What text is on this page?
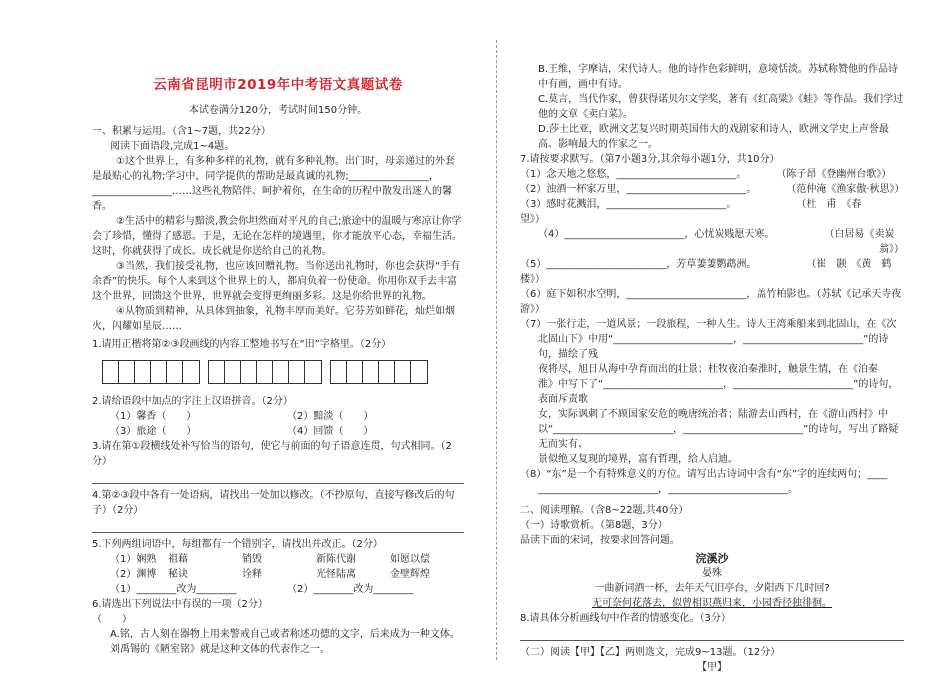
云南省昆明市2019年中考语文真题试卷

本试卷满分120分，考试时间150分钟。

一、积累与运用。（含1~7题，共22分）

阅读下面语段,完成1~4题。

①这个世界上，有多种多样的礼物，就有多种礼物。出门时，母亲递过的外套是最贴心的礼物;学习中，同学提供的帮助是最真诚的礼物;________________，________________……这些礼物陪伴、呵护着你，在生命的历程中散发出迷人的馨香。

②生活中的精彩与黯淡,教会你坦然面对平凡的自己;旅途中的温暖与寒凉让你学会了珍惜，懂得了感恩。于是，无论在怎样的境遇里，你才能放平心态，幸福生活。这时，你就获得了成长。成长就是你送给自己的礼物。

③当然，我们接受礼物，也应该回赠礼物。当你送出礼物时，你也会获得“手有余香”的快乐。每个人来到这个世界上的人，都肩负着一份使命。你用你双手去丰富这个世界，回馈这个世界，世界就会变得更绚丽多彩。这是你给世界的礼物。

④从物质到精神，从具体到抽象，礼物丰厚而美好。它芬芳如鲜花，灿烂如烟火，闪耀如星辰……

1.请用正楷将第②③段画线的内容工整地书写在“田”字格里。（2分）

2.请给语段中加点的字注上汉语拼音。（2分）

（1）馨香（　　）	（2）黯淡（　　）
（3）旅途（　　）	（4）回馈（　　）

3.请在第①段横线处补写恰当的语句，使它与前面的句子语意连贯，句式相同。（2分）

4.第②③段中各有一处语病，请找出一处加以修改。（不抄原句，直接写修改后的句子）（2分）

5.下列两组词语中，每组都有一个错别字，请找出并改正。（2分）

（1）娴熟	祖藉	销毁	新陈代谢	如愿以偿
（2）渊博	秘诀	诠释	光怪陆离	金壁辉煌
（1）________改为________	（2）________改为________

6.请选出下列说法中有误的一项（2分）　　　　　　　　　　　　　　　　　　　　　　（　　）

A.铭，古人刻在器物上用来警戒自己或者称述功德的文字，后来成为一种文体。刘禹锡的《陋室铭》就是这种文体的代表作之一。

B.王维，字摩诘，宋代诗人。他的诗作色彩鲜明，意境恬淡。苏轼称赞他的作品诗中有画，画中有诗。

C.莫言，当代作家，曾获得诺贝尔文学奖，著有《红高粱》《蛙》等作品。我们学过他的文章《卖白菜》。

D.莎士比亚，欧洲文艺复兴时期英国伟大的戏剧家和诗人，欧洲文学史上声誉最高、影响最大的作家之一。

7.请按要求默写。（第7小题3分,其余每小题1分，共10分）

（1）念天地之悠悠，________________________。　　　　（陈子昂《登幽州台歌》）

（2）浊酒一杯家万里，________________________。　　　　（范仲淹《渔家傲·秋思》）

（3）感时花溅泪，________________________。　　　　　　　（杜　甫　《春

望》）

（4）________________________，心忧炭贱愿天寒。　　　　　　（白居易《卖炭

翁》）

（5）________________________，芳草萋萋鹦鹉洲。　　　　　　（崔　颢　《黄　鹤

楼》）

（6）庭下如积水空明，________________________，盖竹柏影也。（苏轼《记承天寺夜

游》）

（7）一张行走，一道风景；一段旅程，一种人生。诗人王湾乘船来到北固山，在《次

北固山下》中用“________________________，________________________”的诗句，描绘了残

夜将尽，旭日从海中孕育而出的壮景；杜牧夜泊秦淮时，触景生情，在《泊秦

淮》中写下了“________________________，________________________”的诗句，表面斥责歌

女，实际讽刺了不顾国家安危的晚唐统治者；陆游去山西村，在《游山西村》中

以“________________________，________________________”的诗句，写出了路疑无而实有、

景似绝又复现的境界，富有哲理，给人启迪。

（8）“东”是一个有特殊意义的方位。请写出古诗词中含有“东”字的连续两句；____

________________________，________________________。

二、阅读理解。（含8~22题,共40分）

（一）诗歌赏析。（第8题，3分）

品读下面的宋词，按要求回答问题。

浣溪沙

晏殊

一曲新词酒一杯，去年天气旧亭台，夕阳西下几时回?

无可奈何花落去，似曾相识燕归来，小园香径独徘徊。

8.请具体分析画线句中作者的情感变化。（3分）

（二）阅读【甲】【乙】两则选文，完成9~13题。（12分）

【甲】
